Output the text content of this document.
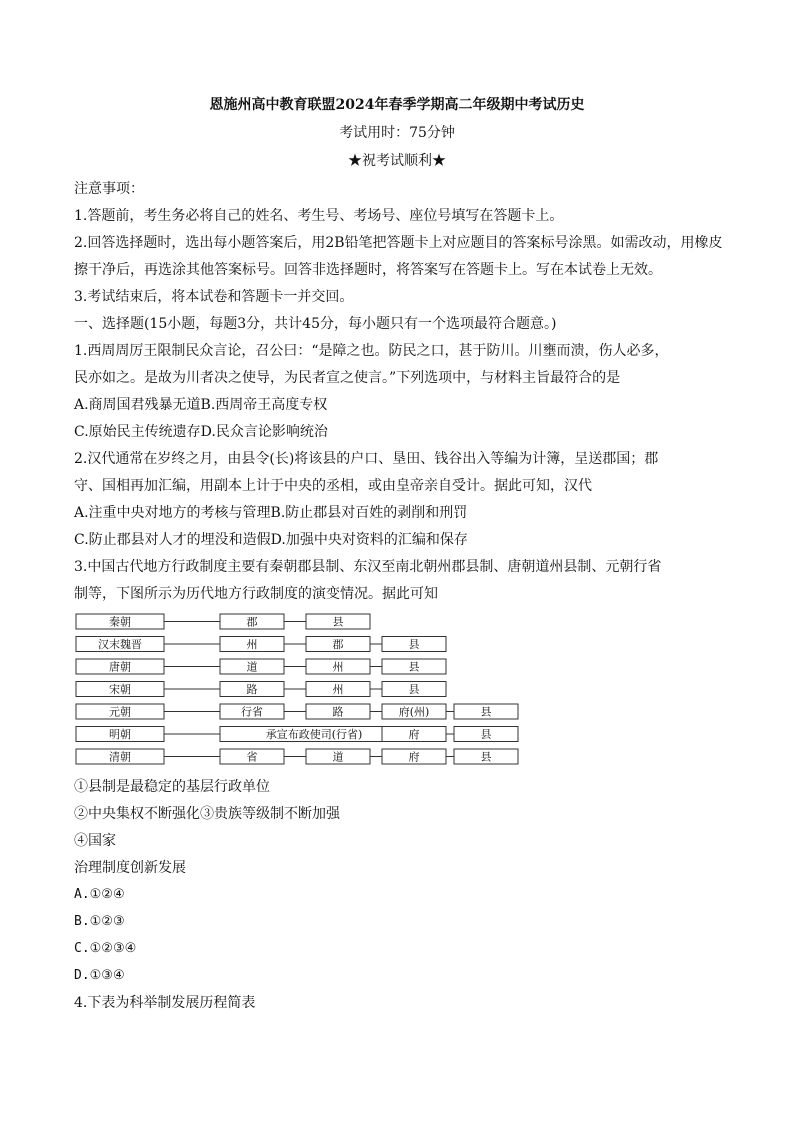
恩施州高中教育联盟2024年春季学期高二年级期中考试历史
考试用时：75分钟
★祝考试顺利★
注意事项：
1.答题前，考生务必将自己的姓名、考生号、考场号、座位号填写在答题卡上。
2.回答选择题时，选出每小题答案后，用2B铅笔把答题卡上对应题目的答案标号涂黑。如需改动，用橡皮
擦干净后，再选涂其他答案标号。回答非选择题时，将答案写在答题卡上。写在本试卷上无效。
3.考试结束后，将本试卷和答题卡一并交回。
一、选择题(15小题，每题3分，共计45分，每小题只有一个选项最符合题意。)
1.西周周厉王限制民众言论，召公曰：“是障之也。防民之口，甚于防川。川壅而溃，伤人必多，
民亦如之。是故为川者决之使导，为民者宣之使言。”下列选项中，与材料主旨最符合的是
A.商周国君残暴无道B.西周帝王高度专权
C.原始民主传统遗存D.民众言论影响统治
2.汉代通常在岁终之月，由县令(长)将该县的户口、垦田、钱谷出入等编为计簿，呈送郡国；郡
守、国相再加汇编，用副本上计于中央的丞相，或由皇帝亲自受计。据此可知，汉代
A.注重中央对地方的考核与管理B.防止郡县对百姓的剥削和刑罚
C.防止郡县对人才的埋没和造假D.加强中央对资料的汇编和保存
3.中国古代地方行政制度主要有秦朝郡县制、东汉至南北朝州郡县制、唐朝道州县制、元朝行省
制等，下图所示为历代地方行政制度的演变情况。据此可知
秦朝	郡	县
汉末魏晋	州	郡	县
唐朝	道	州	县
宋朝	路	州	县
元朝	行省	路	府(州)	县
明朝	承宣布政使司(行省)	府	县
清朝	省	道	府	县
①县制是最稳定的基层行政单位
②中央集权不断强化③贵族等级制不断加强
④国家
治理制度创新发展
A.①②④
B.①②③
C.①②③④
D.①③④
4.下表为科举制发展历程简表
